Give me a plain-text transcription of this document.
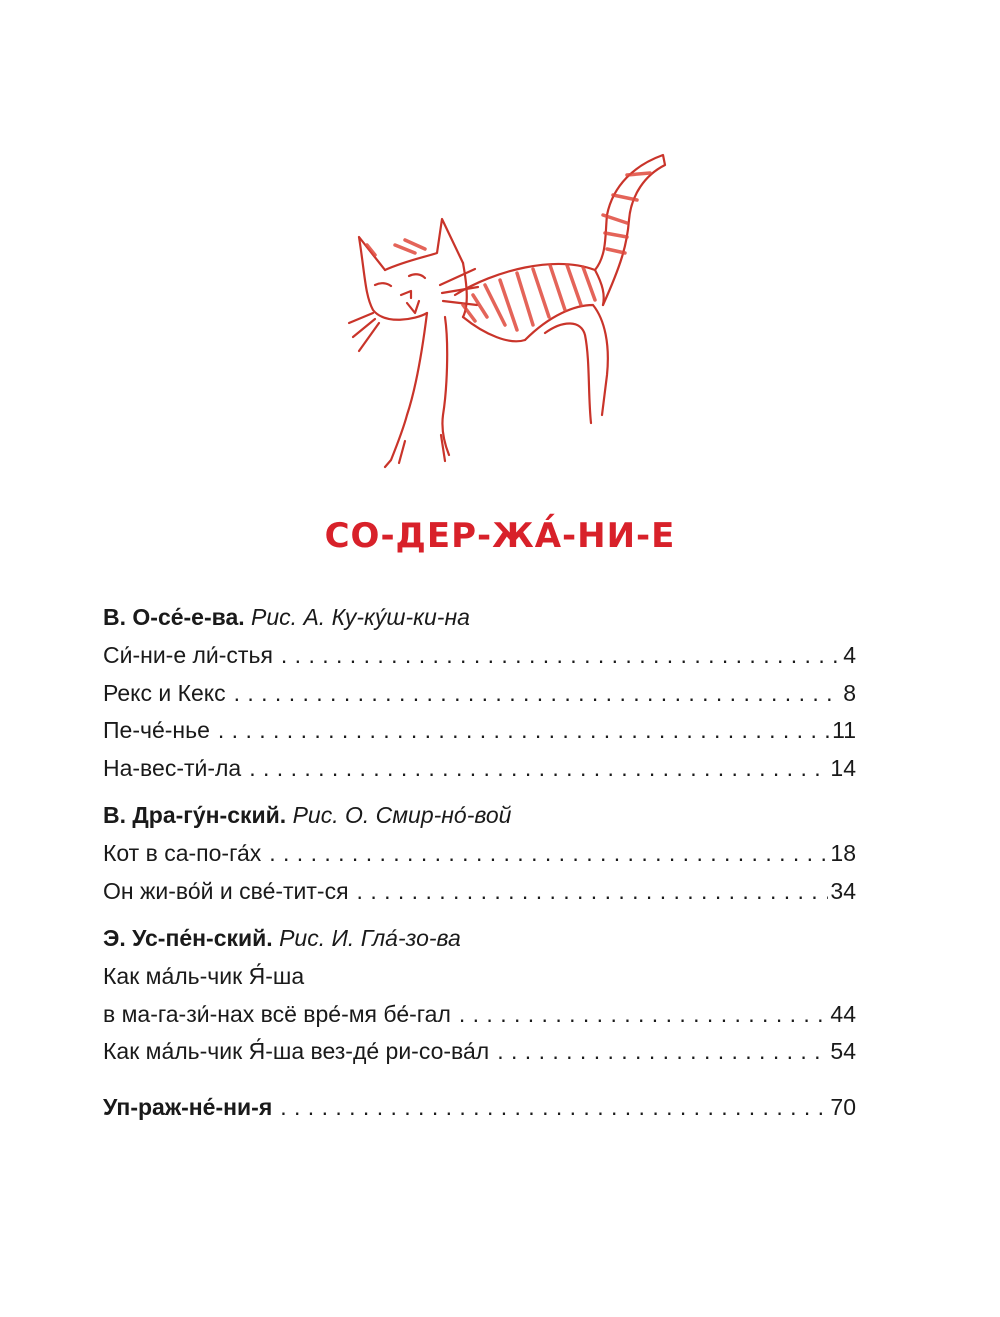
СО-ДЕР-ЖА́-НИ-Е
В. О-се́-е-ва. Рис. А. Ку-ку́ш-ки-на
Си́-ни-е ли́-стья . . .	4
Рекс и Кекс . . .	8
Пе-че́-нье . . .	11
На-вес-ти́-ла . . .	14
В. Дра-гу́н-ский. Рис. О. Смир-но́-вой
Кот в са-по-га́х . . .	18
Он жи-во́й и све́-тит-ся . . .	34
Э. Ус-пе́н-ский. Рис. И. Гла́-зо-ва
Как ма́ль-чик Я́-ша
в ма-га-зи́-нах всё вре́-мя бе́-гал . . .	44
Как ма́ль-чик Я́-ша вез-де́ ри-со-ва́л . . .	54
Уп-раж-не́-ни-я . . .	70
